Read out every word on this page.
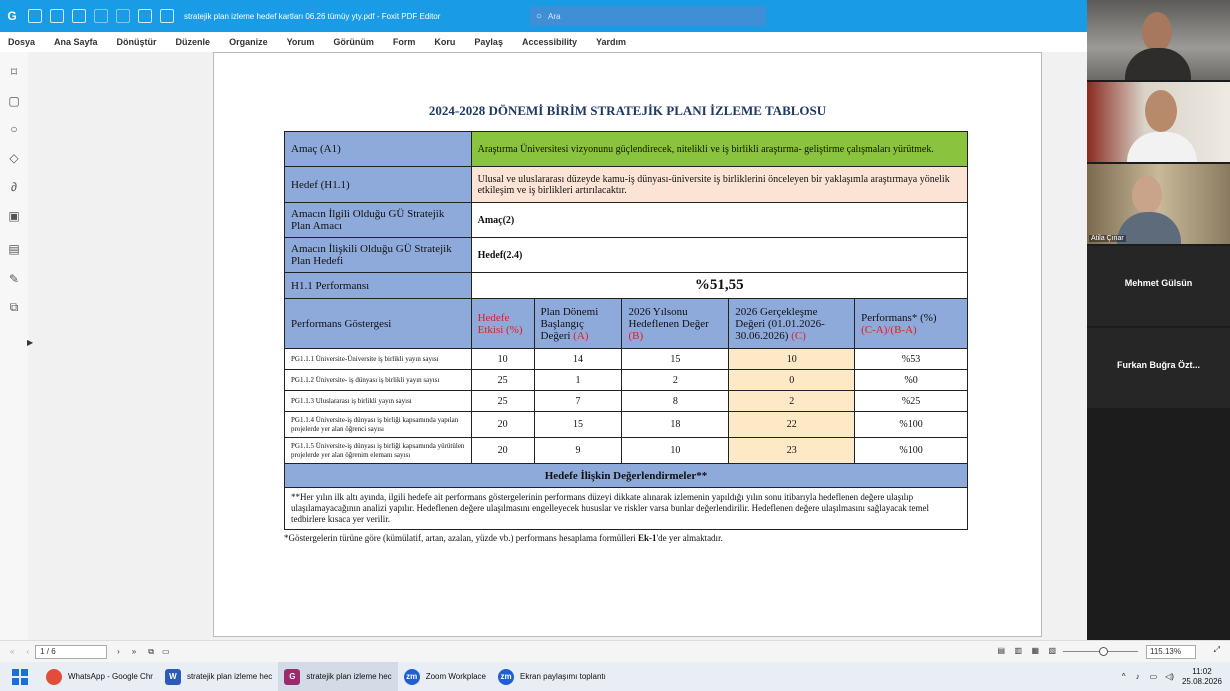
G	stratejik plan izleme hedef kartları 06.26 tümüy yty.pdf - Foxit PDF Editor	○ Ara
Dosya Ana Sayfa Dönüştür Düzenle Organize Yorum Görünüm Form Koru Paylaş Accessibility Yardım
⌑
▢
○
◇
∂
▣
▤
✎
⧉
▶
2024-2028 DÖNEMİ BİRİM STRATEJİK PLANI İZLEME TABLOSU
Amaç (A1)	Araştırma Üniversitesi vizyonunu güçlendirecek, nitelikli ve iş birlikli araştırma- geliştirme çalışmaları yürütmek.				
Hedef (H1.1)	Ulusal ve uluslararası düzeyde kamu-iş dünyası-üniversite iş birliklerini önceleyen bir yaklaşımla araştırmaya yönelik etkileşim ve iş birlikleri artırılacaktır.				
Amacın İlgili Olduğu GÜ Stratejik Plan Amacı	Amaç(2)				
Amacın İlişkili Olduğu GÜ Stratejik Plan Hedefi	Hedef(2.4)				
H1.1 Performansı	%51,55				
Performans Göstergesi	Hedefe Etkisi (%)	Plan Dönemi Başlangıç Değeri (A)	2026 Yılsonu Hedeflenen Değer
(B)	2026 Gerçekleşme Değeri (01.01.2026-30.06.2026) (C)	Performans* (%)
(C-A)/(B-A)
PG1.1.1 Üniversite-Üniversite iş birlikli yayın sayısı	10	14	15	10	%53
PG1.1.2 Üniversite- iş dünyası iş birlikli yayın sayısı	25	1	2	0	%0
PG1.1.3 Uluslararası iş birlikli yayın sayısı	25	7	8	2	%25
PG1.1.4 Üniversite-iş dünyası iş birliği kapsamında yapılan projelerde yer alan öğrenci sayısı	20	15	18	22	%100
PG1.1.5 Üniversite-iş dünyası iş birliği kapsamında yürütülen projelerde yer alan öğrenim elemanı sayısı	20	9	10	23	%100
Hedefe İlişkin Değerlendirmeler**					
**Her yılın ilk altı ayında, ilgili hedefe ait performans göstergelerinin performans düzeyi dikkate alınarak izlemenin yapıldığı yılın sonu itibarıyla hedeflenen değere ulaşılıp ulaşılamayacağının analizi yapılır. Hedeflenen değere ulaşılmasını engelleyecek hususlar ve riskler varsa bunlar değerlendirilir. Hedeflenen değere ulaşılmasını sağlayacak temel tedbirlere kısaca yer verilir.					
*Göstergelerin türüne göre (kümülatif, artan, azalan, yüzde vb.) performans hesaplama formülleri Ek-1'de yer almaktadır.
Atila Çınar
Mehmet Gülsün
Furkan Buğra Özt...
« ‹	1 / 6	› » ⧉ ▭	▤ ▥ ▦ ▧	115.13%	⤢
WhatsApp - Google Chr	W	stratejik plan izleme hec	G	stratejik plan izleme hec	zm	Zoom Workplace	zm	Ekran paylaşımı toplantı	^ ♪ ▭ ◁)
11:02
25.08.2026
